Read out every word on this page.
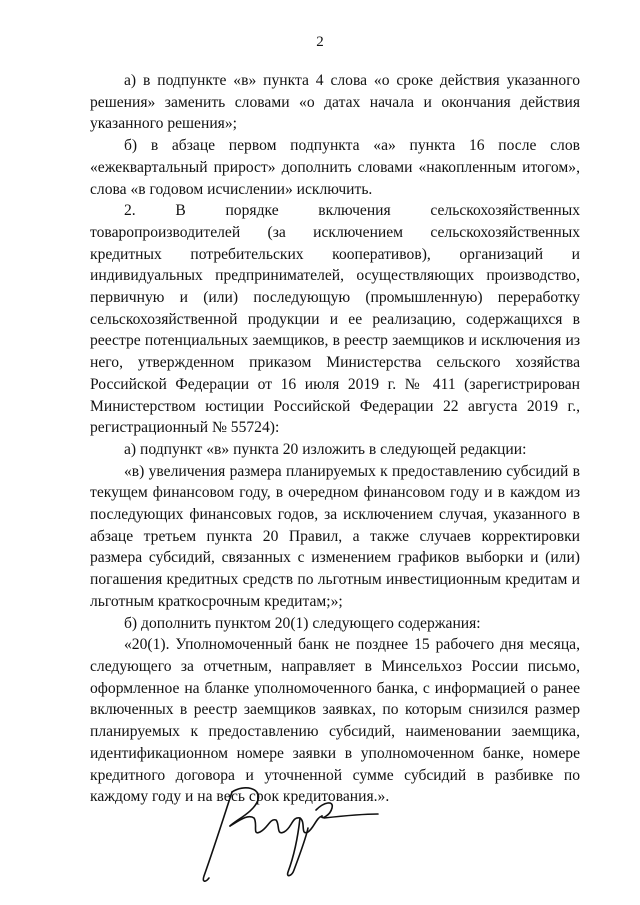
2

а) в подпункте «в» пункта 4 слова «о сроке действия указанного решения» заменить словами «о датах начала и окончания действия указанного решения»;

б) в абзаце первом подпункта «а» пункта 16 после слов «ежеквартальный прирост» дополнить словами «накопленным итогом», слова «в годовом исчислении» исключить.

2. В порядке включения сельскохозяйственных товаропроизводителей (за исключением сельскохозяйственных кредитных потребительских кооперативов), организаций и индивидуальных предпринимателей, осуществляющих производство, первичную и (или) последующую (промышленную) переработку сельскохозяйственной продукции и ее реализацию, содержащихся в реестре потенциальных заемщиков, в реестр заемщиков и исключения из него, утвержденном приказом Министерства сельского хозяйства Российской Федерации от 16 июля 2019 г. № 411 (зарегистрирован Министерством юстиции Российской Федерации 22 августа 2019 г., регистрационный № 55724):

а) подпункт «в» пункта 20 изложить в следующей редакции:

«в) увеличения размера планируемых к предоставлению субсидий в текущем финансовом году, в очередном финансовом году и в каждом из последующих финансовых годов, за исключением случая, указанного в абзаце третьем пункта 20 Правил, а также случаев корректировки размера субсидий, связанных с изменением графиков выборки и (или) погашения кредитных средств по льготным инвестиционным кредитам и льготным краткосрочным кредитам;»;

б) дополнить пунктом 20(1) следующего содержания:

«20(1). Уполномоченный банк не позднее 15 рабочего дня месяца, следующего за отчетным, направляет в Минсельхоз России письмо, оформленное на бланке уполномоченного банка, с информацией о ранее включенных в реестр заемщиков заявках, по которым снизился размер планируемых к предоставлению субсидий, наименовании заемщика, идентификационном номере заявки в уполномоченном банке, номере кредитного договора и уточненной сумме субсидий в разбивке по каждому году и на весь срок кредитования.».
